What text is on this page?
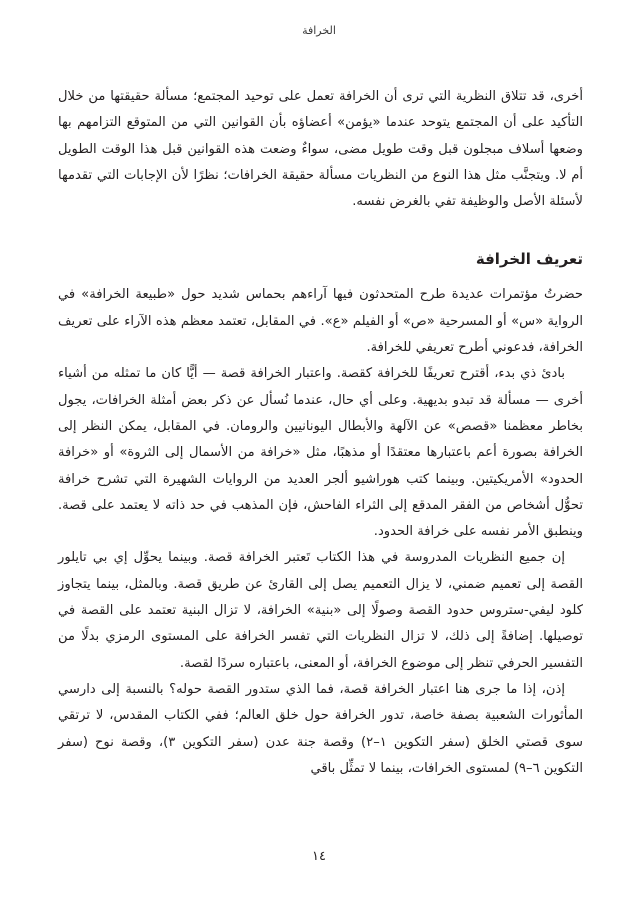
الخرافة

أخرى، قد تتلاق النظرية التي ترى أن الخرافة تعمل على توحيد المجتمع؛ مسألة حقيقتها من خلال التأكيد على أن المجتمع يتوحد عندما «يؤمن» أعضاؤه بأن القوانين التي من المتوقع التزامهم بها وضعها أسلاف مبجلون قبل وقت طويل مضى، سواءٌ وضعت هذه القوانين قبل هذا الوقت الطويل أم لا. ويتجنَّب مثل هذا النوع من النظريات مسألة حقيقة الخرافات؛ نظرًا لأن الإجابات التي تقدمها لأسئلة الأصل والوظيفة تفي بالغرض نفسه.

تعريف الخرافة

حضرتُ مؤتمرات عديدة طرح المتحدثون فيها آراءهم بحماس شديد حول «طبيعة الخرافة» في الرواية «س» أو المسرحية «ص» أو الفيلم «ع». في المقابل، تعتمد معظم هذه الآراء على تعريف الخرافة، فدعوني أطرح تعريفي للخرافة.

بادئ ذي بدء، أقترح تعريفًا للخرافة كقصة. واعتبار الخرافة قصة — أيًّا كان ما تمثله من أشياء أخرى — مسألة قد تبدو بديهية. وعلى أي حال، عندما نُسأل عن ذكر بعض أمثلة الخرافات، يجول بخاطر معظمنا «قصص» عن الآلهة والأبطال اليونانيين والرومان. في المقابل، يمكن النظر إلى الخرافة بصورة أعم باعتبارها معتقدًا أو مذهبًا، مثل «خرافة من الأسمال إلى الثروة» أو «خرافة الحدود» الأمريكيتين. وبينما كتب هوراشيو ألجر العديد من الروايات الشهيرة التي تشرح خرافة تحوُّل أشخاص من الفقر المدقع إلى الثراء الفاحش، فإن المذهب في حد ذاته لا يعتمد على قصة. وينطبق الأمر نفسه على خرافة الحدود.

إن جميع النظريات المدروسة في هذا الكتاب تَعتبر الخرافة قصة. وبينما يحوِّل إي بي تايلور القصة إلى تعميم ضمني، لا يزال التعميم يصل إلى القارئ عن طريق قصة. وبالمثل، بينما يتجاوز كلود ليفي-ستروس حدود القصة وصولًا إلى «بنية» الخرافة، لا تزال البنية تعتمد على القصة في توصيلها. إضافةً إلى ذلك، لا تزال النظريات التي تفسر الخرافة على المستوى الرمزي بدلًا من التفسير الحرفي تنظر إلى موضوع الخرافة، أو المعنى، باعتباره سردًا لقصة.

إذن، إذا ما جرى هنا اعتبار الخرافة قصة، فما الذي ستدور القصة حوله؟ بالنسبة إلى دارسي المأثورات الشعبية بصفة خاصة، تدور الخرافة حول خلق العالم؛ ففي الكتاب المقدس، لا ترتقي سوى قصتي الخلق (سفر التكوين ١–٢) وقصة جنة عدن (سفر التكوين ٣)، وقصة نوح (سفر التكوين ٦–٩) لمستوى الخرافات، بينما لا تمثِّل باقي

١٤
